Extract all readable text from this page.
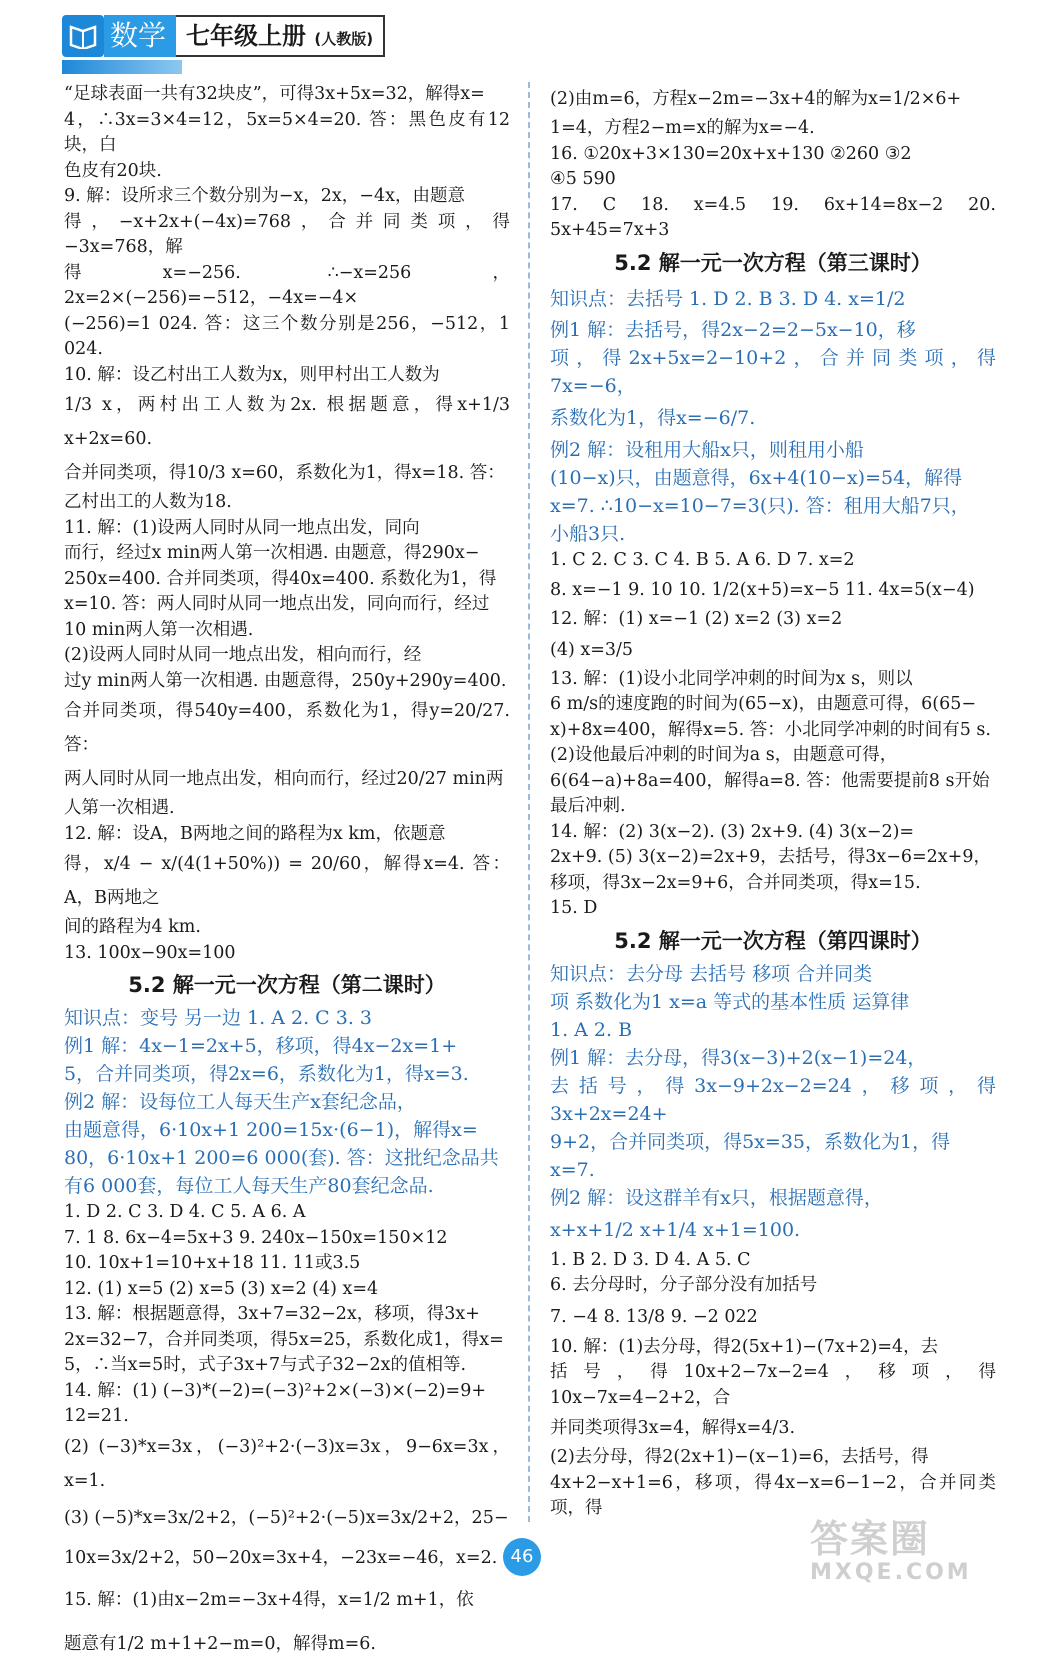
数学 七年级上册 (人教版)
“足球表面一共有32块皮”，可得3x+5x=32，解得x=
4，∴3x=3×4=12，5x=5×4=20. 答：黑色皮有12块，白
色皮有20块.
9. 解：设所求三个数分别为−x，2x，−4x，由题意
得，−x+2x+(−4x)=768，合并同类项，得−3x=768，解
得x=−256. ∴−x=256，2x=2×(−256)=−512，−4x=−4×
(−256)=1 024. 答：这三个数分别是256，−512，1 024.
10. 解：设乙村出工人数为x，则甲村出工人数为
1/3 x，两村出工人数为2x. 根据题意，得x+1/3 x+2x=60.
合并同类项，得10/3 x=60，系数化为1，得x=18. 答：
乙村出工的人数为18.
11. 解：(1)设两人同时从同一地点出发，同向
而行，经过x min两人第一次相遇. 由题意，得290x−
250x=400. 合并同类项，得40x=400. 系数化为1，得
x=10. 答：两人同时从同一地点出发，同向而行，经过
10 min两人第一次相遇.
(2)设两人同时从同一地点出发，相向而行，经
过y min两人第一次相遇. 由题意得，250y+290y=400.
合并同类项，得540y=400，系数化为1，得y=20/27. 答：
两人同时从同一地点出发，相向而行，经过20/27 min两
人第一次相遇.
12. 解：设A，B两地之间的路程为x km，依题意
得，x/4 − x/(4(1+50%)) = 20/60，解得x=4. 答：A，B两地之
间的路程为4 km.
13. 100x−90x=100
5.2 解一元一次方程（第二课时）
知识点：变号 另一边 1. A 2. C 3. 3
例1 解：4x−1=2x+5，移项，得4x−2x=1+
5，合并同类项，得2x=6，系数化为1，得x=3.
例2 解：设每位工人每天生产x套纪念品，
由题意得，6·10x+1 200=15x·(6−1)，解得x=
80，6·10x+1 200=6 000(套). 答：这批纪念品共
有6 000套，每位工人每天生产80套纪念品.
1. D 2. C 3. D 4. C 5. A 6. A
7. 1 8. 6x−4=5x+3 9. 240x−150x=150×12
10. 10x+1=10+x+18 11. 11或3.5
12. (1) x=5 (2) x=5 (3) x=2 (4) x=4
13. 解：根据题意得，3x+7=32−2x，移项，得3x+
2x=32−7，合并同类项，得5x=25，系数化成1，得x=
5，∴当x=5时，式子3x+7与式子32−2x的值相等.
14. 解：(1) (−3)*(−2)=(−3)²+2×(−3)×(−2)=9+
12=21.
(2) (−3)*x=3x，(−3)²+2·(−3)x=3x，9−6x=3x，x=1.
(3) (−5)*x=3x/2+2，(−5)²+2·(−5)x=3x/2+2，25−
10x=3x/2+2，50−20x=3x+4，−23x=−46，x=2.
15. 解：(1)由x−2m=−3x+4得，x=1/2 m+1，依
题意有1/2 m+1+2−m=0，解得m=6.
(2)由m=6，方程x−2m=−3x+4的解为x=1/2×6+
1=4，方程2−m=x的解为x=−4.
16. ①20x+3×130=20x+x+130 ②260 ③2
④5 590
17. C 18. x=4.5 19. 6x+14=8x−2 20. 5x+45=7x+3
5.2 解一元一次方程（第三课时）
知识点：去括号 1. D 2. B 3. D 4. x=1/2
例1 解：去括号，得2x−2=2−5x−10，移
项，得2x+5x=2−10+2，合并同类项，得7x=−6，
系数化为1，得x=−6/7.
例2 解：设租用大船x只，则租用小船
(10−x)只，由题意得，6x+4(10−x)=54，解得
x=7. ∴10−x=10−7=3(只). 答：租用大船7只，
小船3只.
1. C 2. C 3. C 4. B 5. A 6. D 7. x=2
8. x=−1 9. 10 10. 1/2(x+5)=x−5 11. 4x=5(x−4)
12. 解：(1) x=−1 (2) x=2 (3) x=2
(4) x=3/5
13. 解：(1)设小北同学冲刺的时间为x s，则以
6 m/s的速度跑的时间为(65−x)，由题意可得，6(65−
x)+8x=400，解得x=5. 答：小北同学冲刺的时间有5 s.
(2)设他最后冲刺的时间为a s，由题意可得，
6(64−a)+8a=400，解得a=8. 答：他需要提前8 s开始
最后冲刺.
14. 解：(2) 3(x−2). (3) 2x+9. (4) 3(x−2)=
2x+9. (5) 3(x−2)=2x+9，去括号，得3x−6=2x+9，
移项，得3x−2x=9+6，合并同类项，得x=15.
15. D
5.2 解一元一次方程（第四课时）
知识点：去分母 去括号 移项 合并同类
项 系数化为1 x=a 等式的基本性质 运算律
1. A 2. B
例1 解：去分母，得3(x−3)+2(x−1)=24，
去括号，得3x−9+2x−2=24，移项，得3x+2x=24+
9+2，合并同类项，得5x=35，系数化为1，得
x=7.
例2 解：设这群羊有x只，根据题意得，
x+x+1/2 x+1/4 x+1=100.
1. B 2. D 3. D 4. A 5. C
6. 去分母时，分子部分没有加括号
7. −4 8. 13/8 9. −2 022
10. 解：(1)去分母，得2(5x+1)−(7x+2)=4，去
括号，得10x+2−7x−2=4，移项，得10x−7x=4−2+2，合
并同类项得3x=4，解得x=4/3.
(2)去分母，得2(2x+1)−(x−1)=6，去括号，得
4x+2−x+1=6，移项，得4x−x=6−1−2，合并同类项，得
46	答案圈
MXQE.COM
